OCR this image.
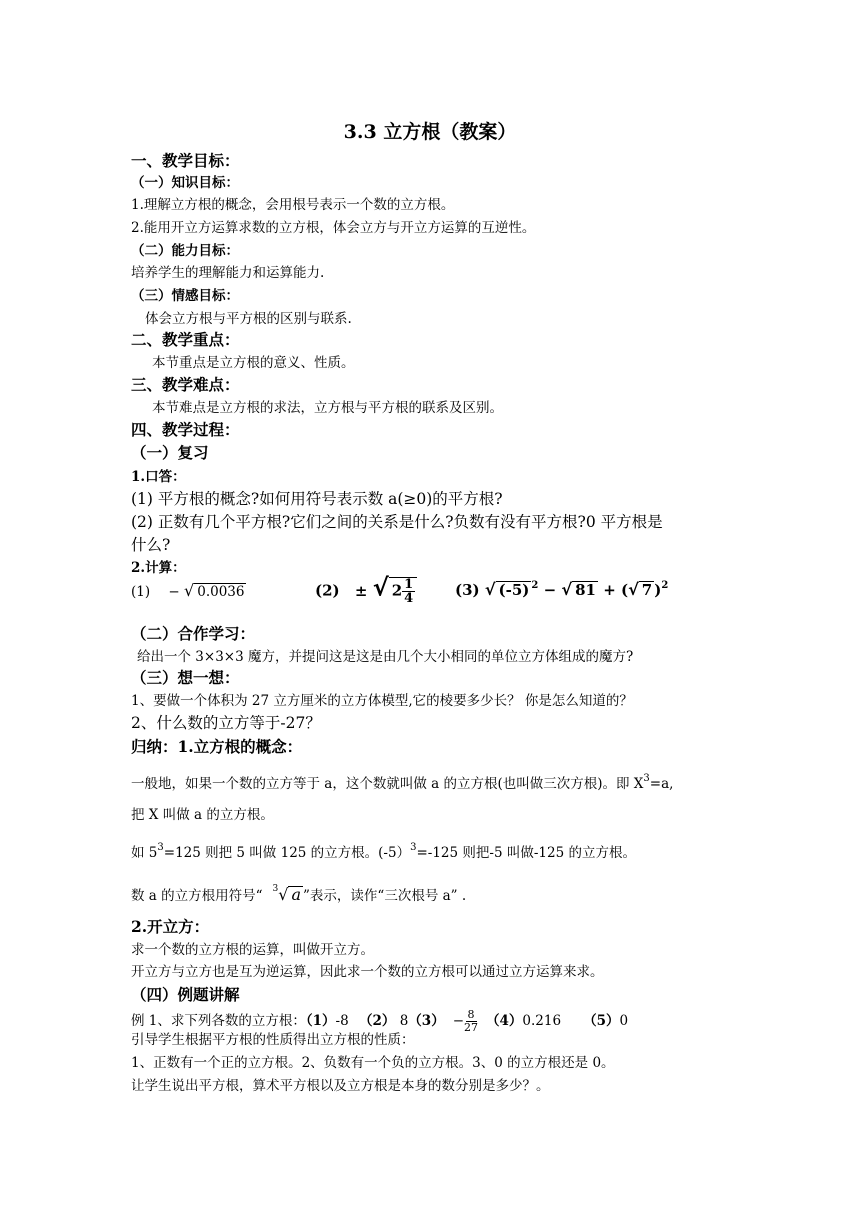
3.3 立方根（教案）
一、教学目标：
（一）知识目标：
1.理解立方根的概念，会用根号表示一个数的立方根。
2.能用开立方运算求数的立方根，体会立方与开立方运算的互逆性。
（二）能力目标：
培养学生的理解能力和运算能力.
（三）情感目标：
体会立方根与平方根的区别与联系.
二、教学重点：
本节重点是立方根的意义、性质。
三、教学难点：
本节难点是立方根的求法，立方根与平方根的联系及区别。
四、教学过程：
（一）复习
1.口答：
(1) 平方根的概念?如何用符号表示数 a(≥0)的平方根?
(2) 正数有几个平方根?它们之间的关系是什么?负数有没有平方根?0 平方根是
什么?
2.计算：
(1) − √ 0.0036	(2) ± √ $2 \frac{1}{4}$	(3) √ (-5) $^2$ − √ 81 + (√ 7 )$^2$
（二）合作学习：
给出一个 3×3×3 魔方，并提问这是这是由几个大小相同的单位立方体组成的魔方?
（三）想一想：
1、要做一个体积为 27 立方厘米的立方体模型,它的棱要多少长？ 你是怎么知道的？
2、什么数的立方等于-27？
归纳：1.立方根的概念：
一般地，如果一个数的立方等于 a，这个数就叫做 a 的立方根(也叫做三次方根)。即 $X^3=a$,
把 X 叫做 a 的立方根。
如 $5^3=125$ 则把 5 叫做 125 的立方根。(-5）$^3$=-125 则把-5 叫做-125 的立方根。
数 a 的立方根用符号“ $^3$√ a ”表示，读作“三次根号 a” .
2.开立方：
求一个数的立方根的运算，叫做开立方。
开立方与立方也是互为逆运算，因此求一个数的立方根可以通过立方运算来求。
（四）例题讲解
例 1、求下列各数的立方根：（1）-8 （2） $8(3) - \frac{8}{27} (4)0.216$ （5）0
引导学生根据平方根的性质得出立方根的性质：
1、正数有一个正的立方根。2、负数有一个负的立方根。3、0 的立方根还是 0。
让学生说出平方根，算术平方根以及立方根是本身的数分别是多少？。
